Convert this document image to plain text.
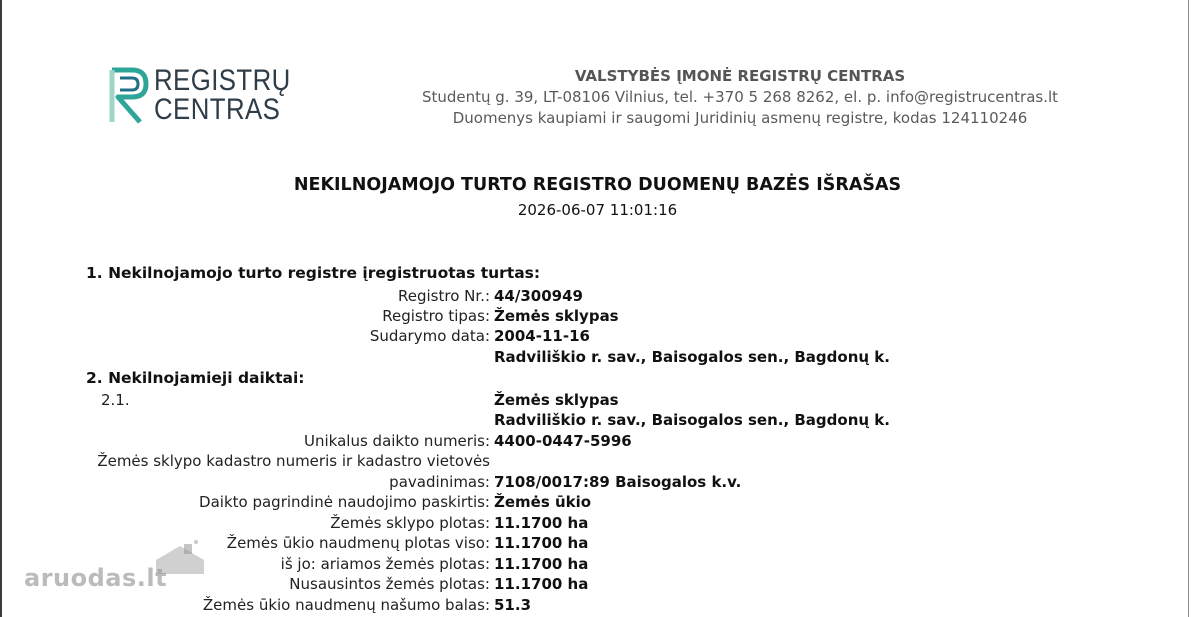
REGISTRŲ
CENTRAS
VALSTYBĖS ĮMONĖ REGISTRŲ CENTRAS
Studentų g. 39, LT-08106 Vilnius, tel. +370 5 268 8262, el. p. info@registrucentras.lt
Duomenys kaupiami ir saugomi Juridinių asmenų registre, kodas 124110246
NEKILNOJAMOJO TURTO REGISTRO DUOMENŲ BAZĖS IŠRAŠAS
2026-06-07 11:01:16
1. Nekilnojamojo turto registre įregistruotas turtas:
Registro Nr.: 44/300949
Registro tipas: Žemės sklypas
Sudarymo data: 2004-11-16
Radviliškio r. sav., Baisogalos sen., Bagdonų k.
2. Nekilnojamieji daiktai:
2.1.	Žemės sklypas
Radviliškio r. sav., Baisogalos sen., Bagdonų k.
Unikalus daikto numeris: 4400-0447-5996
Žemės sklypo kadastro numeris ir kadastro vietovės
pavadinimas: 7108/0017:89 Baisogalos k.v.
Daikto pagrindinė naudojimo paskirtis: Žemės ūkio
Žemės sklypo plotas: 11.1700 ha
Žemės ūkio naudmenų plotas viso: 11.1700 ha
iš jo: ariamos žemės plotas: 11.1700 ha
Nusausintos žemės plotas: 11.1700 ha
Žemės ūkio naudmenų našumo balas: 51.3
aruodas.lt
